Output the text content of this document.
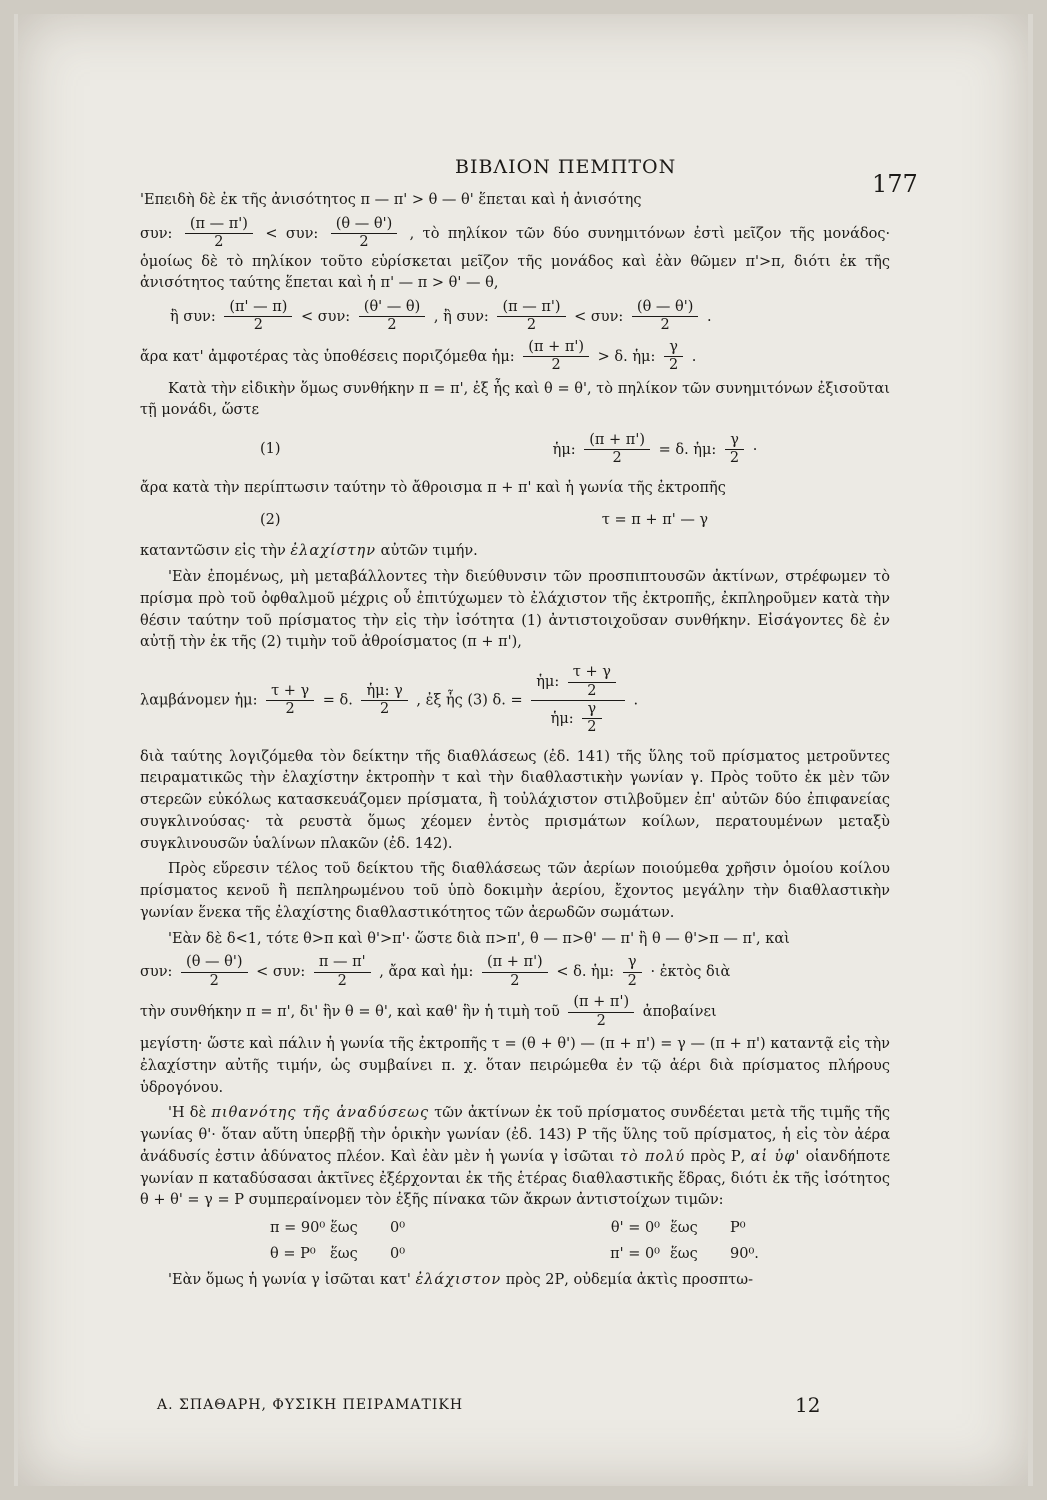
ΒΙΒΛΙΟΝ ΠΕΜΠΤΟΝ
177

'Επειδὴ δὲ ἐκ τῆς ἀνισότητος π — π' > θ — θ' ἕπεται καὶ ἡ ἀνισότης

συν: $\frac{(\pi — \pi')}{2} < \sigma\upsilon\nu$: $\frac{(\theta — \theta')}{2}$ , τὸ πηλίκον τῶν δύο συνημιτόνων ἐστὶ μεῖζον τῆς μονάδος· ὁμοίως δὲ τὸ πηλίκον τοῦτο εὑρίσκεται μεῖζον τῆς μονάδος καὶ ἐὰν θῶμεν π'>π, διότι ἐκ τῆς ἀνισότητος ταύτης ἕπεται καὶ ἡ π' — π > θ' — θ,

ἢ συν: $\frac{(\pi' — \pi)}{2} < \sigma\upsilon\nu$: $\frac{(\theta' — \theta)}{2}$ , ἢ συν: $\frac{(\pi — \pi')}{2} < \sigma\upsilon\nu$: $\frac{(\theta — \theta')}{2}$ .

ἄρα κατ' ἀμφοτέρας τὰς ὑποθέσεις ποριζόμεθα ἡμ: $\frac{(\pi + \pi')}{2} > \delta$. ἡμ: $\frac{\gamma}{2}$ .

Κατὰ τὴν εἰδικὴν ὅμως συνθήκην π = π', ἐξ ἧς καὶ θ = θ', τὸ πηλίκον τῶν συνημιτόνων ἐξισοῦται τῇ μονάδι, ὥστε

(1)	ἡμ: $\frac{(\pi + \pi')}{2} = \delta$. ἡμ: $\frac{\gamma}{2}$ ·

ἄρα κατὰ τὴν περίπτωσιν ταύτην τὸ ἄθροισμα π + π' καὶ ἡ γωνία τῆς ἐκτροπῆς

(2)	τ = π + π' — γ

καταντῶσιν εἰς τὴν ἐλαχίστην αὐτῶν τιμήν.

'Εὰν ἐπομένως, μὴ μεταβάλλοντες τὴν διεύθυνσιν τῶν προσπιπτουσῶν ἀκτίνων, στρέφωμεν τὸ πρίσμα πρὸ τοῦ ὀφθαλμοῦ μέχρις οὗ ἐπιτύχωμεν τὸ ἐλάχιστον τῆς ἐκτροπῆς, ἐκπληροῦμεν κατὰ τὴν θέσιν ταύτην τοῦ πρίσματος τὴν εἰς τὴν ἰσότητα (1) ἀντιστοιχοῦσαν συνθήκην. Εἰσάγοντες δὲ ἐν αὐτῇ τὴν ἐκ τῆς (2) τιμὴν τοῦ ἀθροίσματος (π + π'),

λαμβάνομεν ἡμ: $\frac{\tau + \gamma}{2} = \delta$. $\frac{\text{ἡμ: γ}}{2}$ , ἐξ ἧς (3) δ. = $\frac{ἡ\mu: \frac{\tau + \gamma}{2}}{ἡ\mu: \frac{\gamma}{2}}$ .

διὰ ταύτης λογιζόμεθα τὸν δείκτην τῆς διαθλάσεως (ἐδ. 141) τῆς ὕλης τοῦ πρίσματος μετροῦντες πειραματικῶς τὴν ἐλαχίστην ἐκτροπὴν τ καὶ τὴν διαθλαστικὴν γωνίαν γ. Πρὸς τοῦτο ἐκ μὲν τῶν στερεῶν εὐκόλως κατασκευάζομεν πρίσματα, ἢ τοὐλάχιστον στιλβοῦμεν ἐπ' αὐτῶν δύο ἐπιφανείας συγκλινούσας· τὰ ρευστὰ ὅμως χέομεν ἐντὸς πρισμάτων κοίλων, περατουμένων μεταξὺ συγκλινουσῶν ὑαλίνων πλακῶν (ἐδ. 142).

Πρὸς εὕρεσιν τέλος τοῦ δείκτου τῆς διαθλάσεως τῶν ἀερίων ποιούμεθα χρῆσιν ὁμοίου κοίλου πρίσματος κενοῦ ἢ πεπληρωμένου τοῦ ὑπὸ δοκιμὴν ἀερίου, ἔχοντος μεγάλην τὴν διαθλαστικὴν γωνίαν ἕνεκα τῆς ἐλαχίστης διαθλαστικότητος τῶν ἀερωδῶν σωμάτων.

'Εὰν δὲ δ<1, τότε θ>π καὶ θ'>π'· ὥστε διὰ π>π', θ — π>θ' — π' ἢ θ — θ'>π — π', καὶ

συν: $\frac{(\theta — \theta')}{2} < \sigma\upsilon\nu$: $\frac{\pi — \pi'}{2}$ , ἄρα καὶ ἡμ: $\frac{(\pi + \pi')}{2} < \delta$. ἡμ: $\frac{\gamma}{2}$ · ἐκτὸς διὰ

τὴν συνθήκην π = π', δι' ἣν θ = θ', καὶ καθ' ἣν ἡ τιμὴ τοῦ $\frac{(\pi + \pi')}{2}$ ἀποβαίνει

μεγίστη· ὥστε καὶ πάλιν ἡ γωνία τῆς ἐκτροπῆς τ = (θ + θ') — (π + π') = γ — (π + π') καταντᾷ εἰς τὴν ἐλαχίστην αὐτῆς τιμήν, ὡς συμβαίνει π. χ. ὅταν πειρώμεθα ἐν τῷ ἀέρι διὰ πρίσματος πλήρους ὑδρογόνου.

'Η δὲ πιθανότης τῆς ἀναδύσεως τῶν ἀκτίνων ἐκ τοῦ πρίσματος συνδέεται μετὰ τῆς τιμῆς τῆς γωνίας θ'· ὅταν αὕτη ὑπερβῇ τὴν ὁρικὴν γωνίαν (ἐδ. 143) Ρ τῆς ὕλης τοῦ πρίσματος, ἡ εἰς τὸν ἀέρα ἀνάδυσίς ἐστιν ἀδύνατος πλέον. Καὶ ἐὰν μὲν ἡ γωνία γ ἰσῶται τὸ πολύ πρὸς Ρ, αἱ ὑφ' οἱανδήποτε γωνίαν π καταδύσασαι ἀκτῖνες ἐξέρχονται ἐκ τῆς ἑτέρας διαθλαστικῆς ἕδρας, διότι ἐκ τῆς ἰσότητος θ + θ' = γ = Ρ συμπεραίνομεν τὸν ἑξῆς πίνακα τῶν ἄκρων ἀντιστοίχων τιμῶν:

π = 90⁰ ἕως	0⁰	θ' = 0⁰ ἕως	Ρ⁰
θ = Ρ⁰ ἕως	0⁰	π' = 0⁰ ἕως	90⁰.

'Εὰν ὅμως ἡ γωνία γ ἰσῶται κατ' ἐλάχιστον πρὸς 2Ρ, οὐδεμία ἀκτὶς προσπτω-

Α. ΣΠΑΘΑΡΗ, ΦΥΣΙΚΗ ΠΕΙΡΑΜΑΤΙΚΗ	12
